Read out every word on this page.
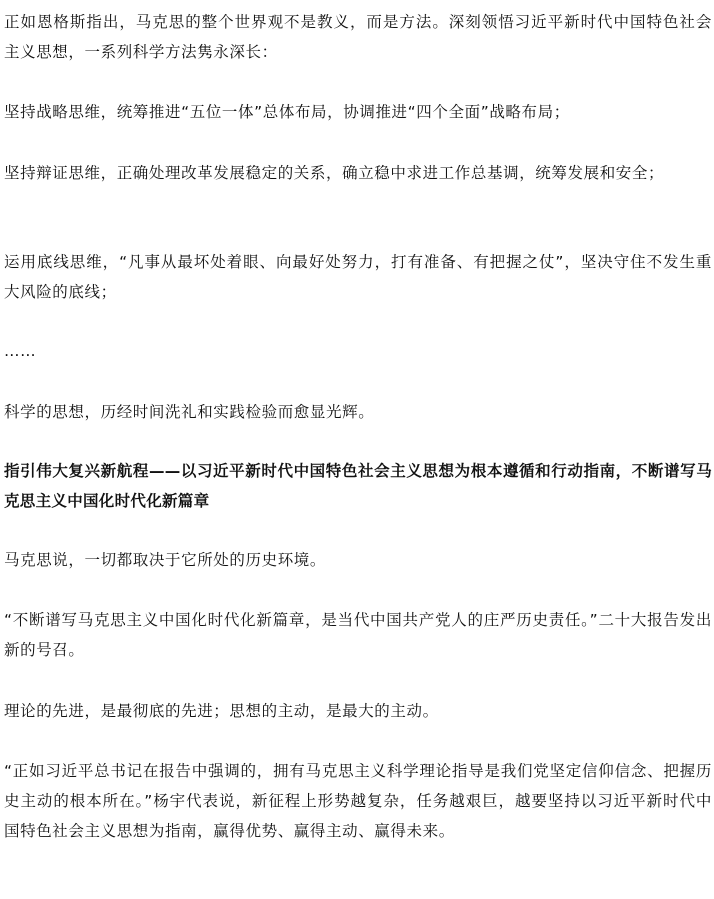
正如恩格斯指出，马克思的整个世界观不是教义，而是方法。深刻领悟习近平新时代中国特色社会主义思想，一系列科学方法隽永深长：

坚持战略思维，统筹推进“五位一体”总体布局，协调推进“四个全面”战略布局；

坚持辩证思维，正确处理改革发展稳定的关系，确立稳中求进工作总基调，统筹发展和安全；

运用底线思维，“凡事从最坏处着眼、向最好处努力，打有准备、有把握之仗”，坚决守住不发生重大风险的底线；

……

科学的思想，历经时间洗礼和实践检验而愈显光辉。

指引伟大复兴新航程——以习近平新时代中国特色社会主义思想为根本遵循和行动指南，不断谱写马克思主义中国化时代化新篇章

马克思说，一切都取决于它所处的历史环境。

“不断谱写马克思主义中国化时代化新篇章，是当代中国共产党人的庄严历史责任。”二十大报告发出新的号召。

理论的先进，是最彻底的先进；思想的主动，是最大的主动。

“正如习近平总书记在报告中强调的，拥有马克思主义科学理论指导是我们党坚定信仰信念、把握历史主动的根本所在。”杨宇代表说，新征程上形势越复杂，任务越艰巨，越要坚持以习近平新时代中国特色社会主义思想为指南，赢得优势、赢得主动、赢得未来。
